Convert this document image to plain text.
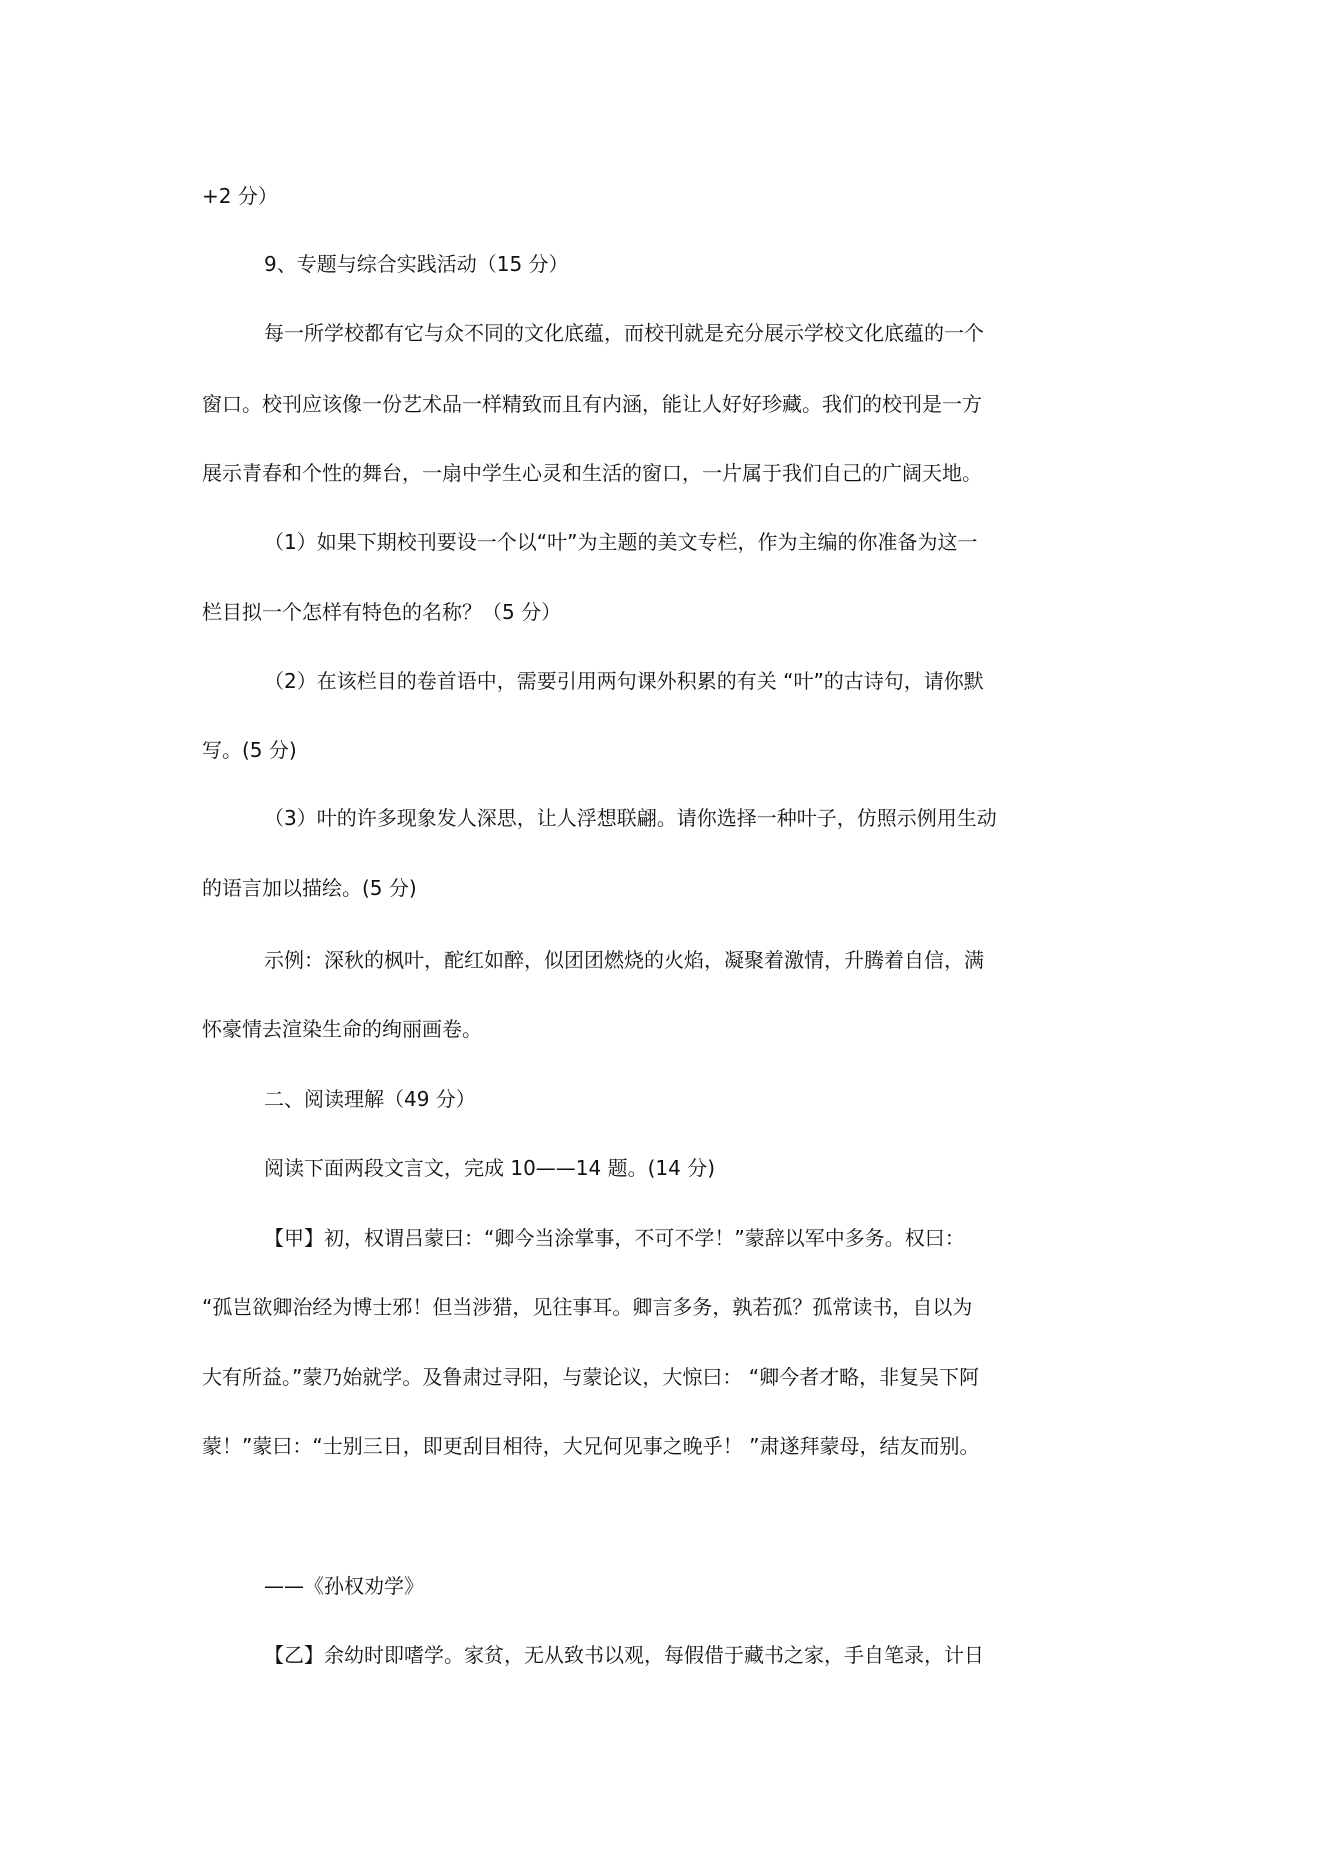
+2 分）
9、专题与综合实践活动（15 分）
每一所学校都有它与众不同的文化底蕴，而校刊就是充分展示学校文化底蕴的一个
窗口。校刊应该像一份艺术品一样精致而且有内涵，能让人好好珍藏。我们的校刊是一方
展示青春和个性的舞台，一扇中学生心灵和生活的窗口，一片属于我们自己的广阔天地。
（1）如果下期校刊要设一个以“叶”为主题的美文专栏，作为主编的你准备为这一
栏目拟一个怎样有特色的名称？（5 分）
（2）在该栏目的卷首语中，需要引用两句课外积累的有关 “叶”的古诗句，请你默
写。(5 分)
（3）叶的许多现象发人深思，让人浮想联翩。请你选择一种叶子，仿照示例用生动
的语言加以描绘。(5 分)
示例：深秋的枫叶，酡红如醉，似团团燃烧的火焰，凝聚着激情，升腾着自信，满
怀豪情去渲染生命的绚丽画卷。
二、阅读理解（49 分）
阅读下面两段文言文，完成 10——14 题。(14 分)
【甲】初，权谓吕蒙曰：“卿今当涂掌事，不可不学！”蒙辞以军中多务。权曰：
“孤岂欲卿治经为博士邪！但当涉猎，见往事耳。卿言多务，孰若孤？孤常读书，自以为
大有所益。”蒙乃始就学。及鲁肃过寻阳，与蒙论议，大惊曰： “卿今者才略，非复吴下阿
蒙！”蒙曰：“士别三日，即更刮目相待，大兄何见事之晚乎！ ”肃遂拜蒙母，结友而别。
——《孙权劝学》
【乙】余幼时即嗜学。家贫，无从致书以观，每假借于藏书之家，手自笔录，计日
